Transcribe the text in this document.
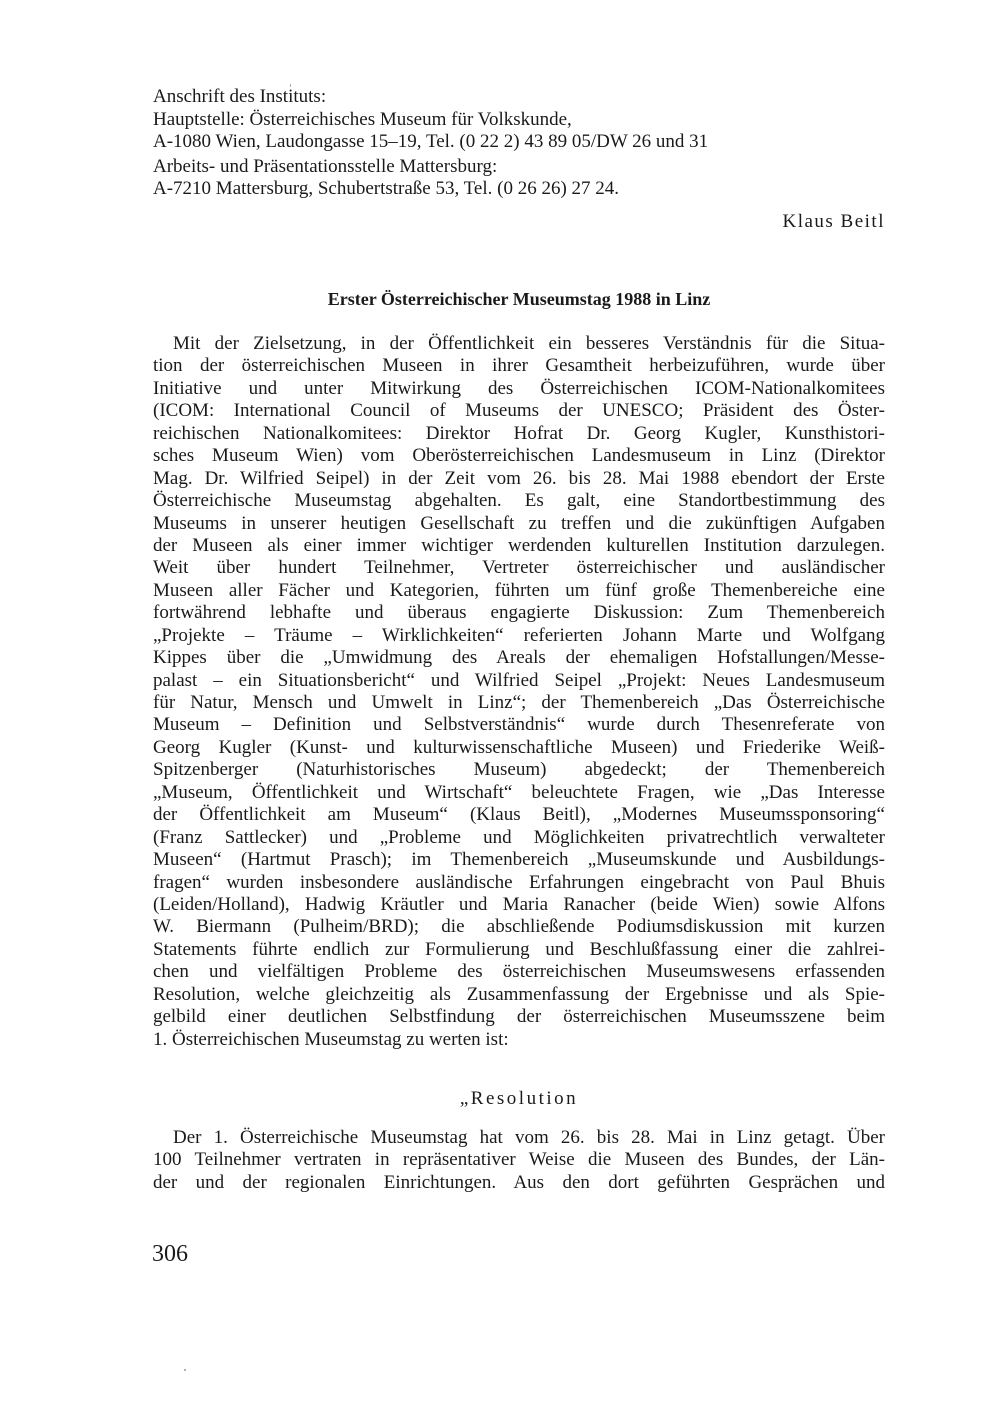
Anschrift des Instituts:
Hauptstelle: Österreichisches Museum für Volkskunde,
A-1080 Wien, Laudongasse 15–19, Tel. (0 22 2) 43 89 05/DW 26 und 31
Arbeits- und Präsentationsstelle Mattersburg:
A-7210 Mattersburg, Schubertstraße 53, Tel. (0 26 26) 27 24.
Klaus Beitl
Erster Österreichischer Museumstag 1988 in Linz
Mit der Zielsetzung, in der Öffentlichkeit ein besseres Verständnis für die Situa-
tion der österreichischen Museen in ihrer Gesamtheit herbeizuführen, wurde über
Initiative und unter Mitwirkung des Österreichischen ICOM-Nationalkomitees
(ICOM: International Council of Museums der UNESCO; Präsident des Öster-
reichischen Nationalkomitees: Direktor Hofrat Dr. Georg Kugler, Kunsthistori-
sches Museum Wien) vom Oberösterreichischen Landesmuseum in Linz (Direktor
Mag. Dr. Wilfried Seipel) in der Zeit vom 26. bis 28. Mai 1988 ebendort der Erste
Österreichische Museumstag abgehalten. Es galt, eine Standortbestimmung des
Museums in unserer heutigen Gesellschaft zu treffen und die zukünftigen Aufgaben
der Museen als einer immer wichtiger werdenden kulturellen Institution darzulegen.
Weit über hundert Teilnehmer, Vertreter österreichischer und ausländischer
Museen aller Fächer und Kategorien, führten um fünf große Themenbereiche eine
fortwährend lebhafte und überaus engagierte Diskussion: Zum Themenbereich
„Projekte – Träume – Wirklichkeiten“ referierten Johann Marte und Wolfgang
Kippes über die „Umwidmung des Areals der ehemaligen Hofstallungen/Messe-
palast – ein Situationsbericht“ und Wilfried Seipel „Projekt: Neues Landesmuseum
für Natur, Mensch und Umwelt in Linz“; der Themenbereich „Das Österreichische
Museum – Definition und Selbstverständnis“ wurde durch Thesenreferate von
Georg Kugler (Kunst- und kulturwissenschaftliche Museen) und Friederike Weiß-
Spitzenberger (Naturhistorisches Museum) abgedeckt; der Themenbereich
„Museum, Öffentlichkeit und Wirtschaft“ beleuchtete Fragen, wie „Das Interesse
der Öffentlichkeit am Museum“ (Klaus Beitl), „Modernes Museumssponsoring“
(Franz Sattlecker) und „Probleme und Möglichkeiten privatrechtlich verwalteter
Museen“ (Hartmut Prasch); im Themenbereich „Museumskunde und Ausbildungs-
fragen“ wurden insbesondere ausländische Erfahrungen eingebracht von Paul Bhuis
(Leiden/Holland), Hadwig Kräutler und Maria Ranacher (beide Wien) sowie Alfons
W. Biermann (Pulheim/BRD); die abschließende Podiumsdiskussion mit kurzen
Statements führte endlich zur Formulierung und Beschlußfassung einer die zahlrei-
chen und vielfältigen Probleme des österreichischen Museumswesens erfassenden
Resolution, welche gleichzeitig als Zusammenfassung der Ergebnisse und als Spie-
gelbild einer deutlichen Selbstfindung der österreichischen Museumsszene beim
1. Österreichischen Museumstag zu werten ist:
„Resolution
Der 1. Österreichische Museumstag hat vom 26. bis 28. Mai in Linz getagt. Über
100 Teilnehmer vertraten in repräsentativer Weise die Museen des Bundes, der Län-
der und der regionalen Einrichtungen. Aus den dort geführten Gesprächen und
306
